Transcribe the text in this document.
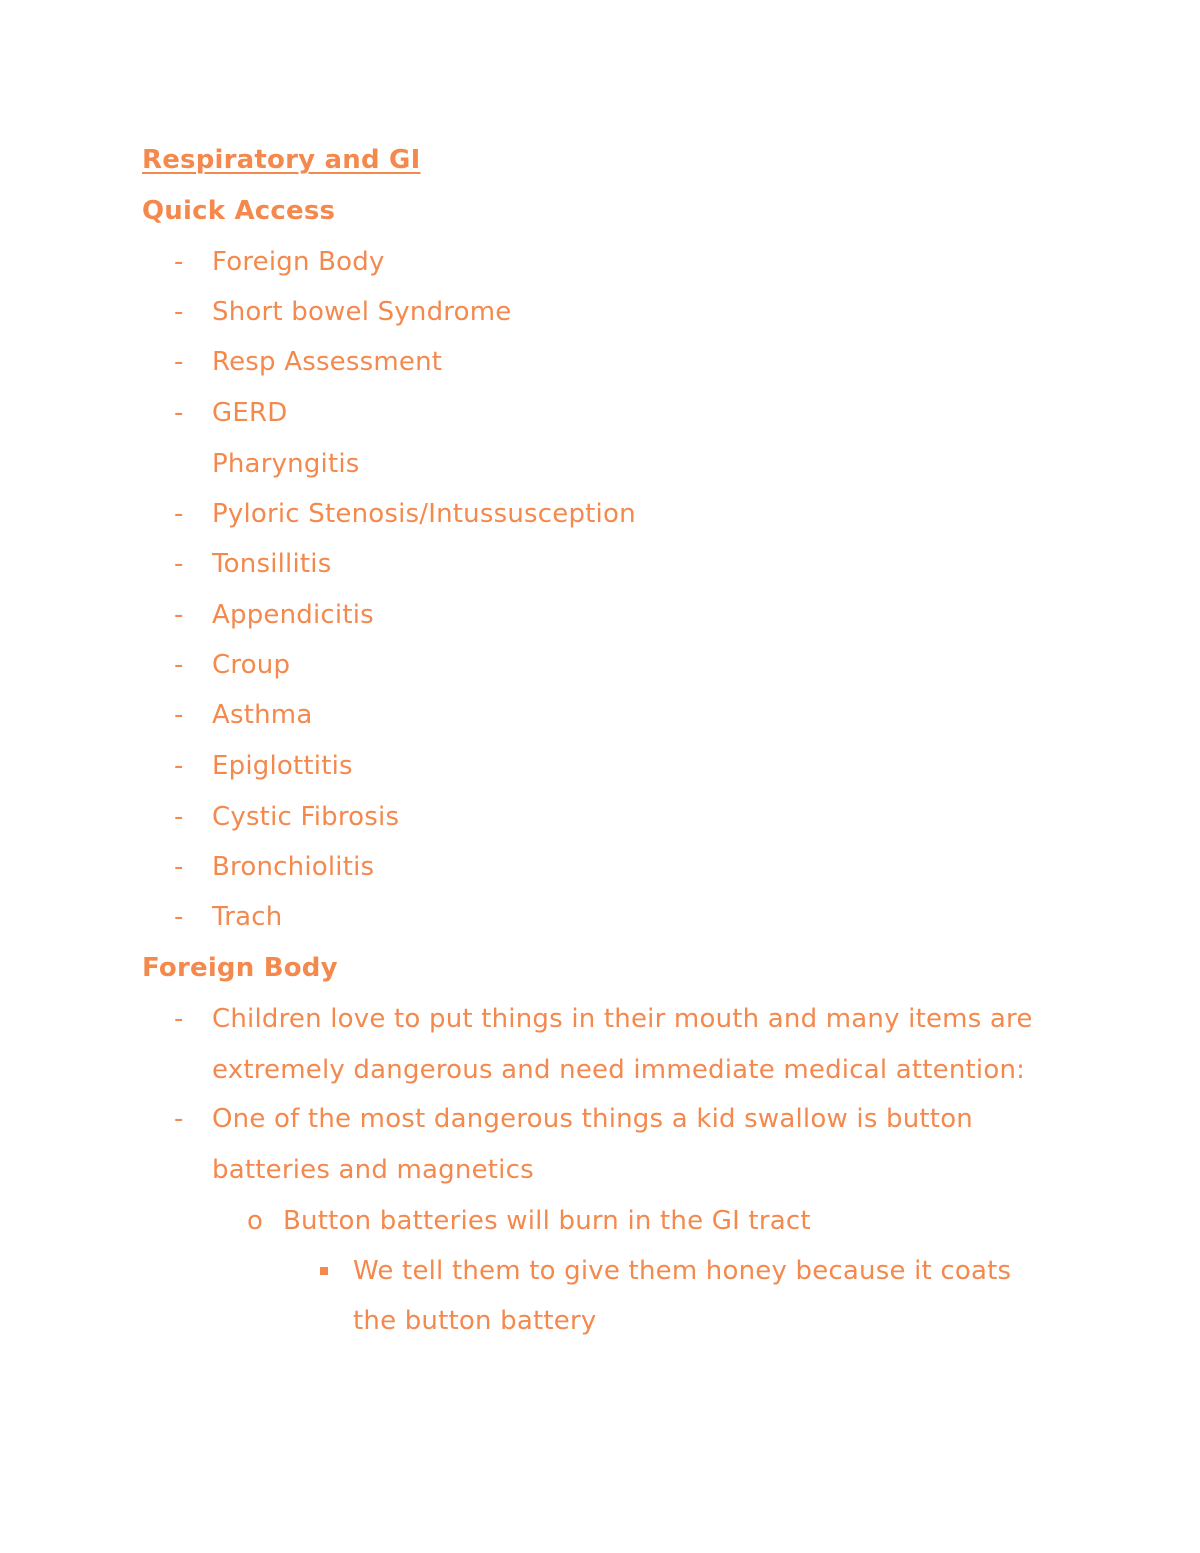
Respiratory and GI
Quick Access
- Foreign Body
- Short bowel Syndrome
- Resp Assessment
- GERD
Pharyngitis
- Pyloric Stenosis/Intussusception
- Tonsillitis
- Appendicitis
- Croup
- Asthma
- Epiglottitis
- Cystic Fibrosis
- Bronchiolitis
- Trach
Foreign Body
- Children love to put things in their mouth and many items are
extremely dangerous and need immediate medical attention:
- One of the most dangerous things a kid swallow is button
batteries and magnetics
o Button batteries will burn in the GI tract
We tell them to give them honey because it coats
the button battery
